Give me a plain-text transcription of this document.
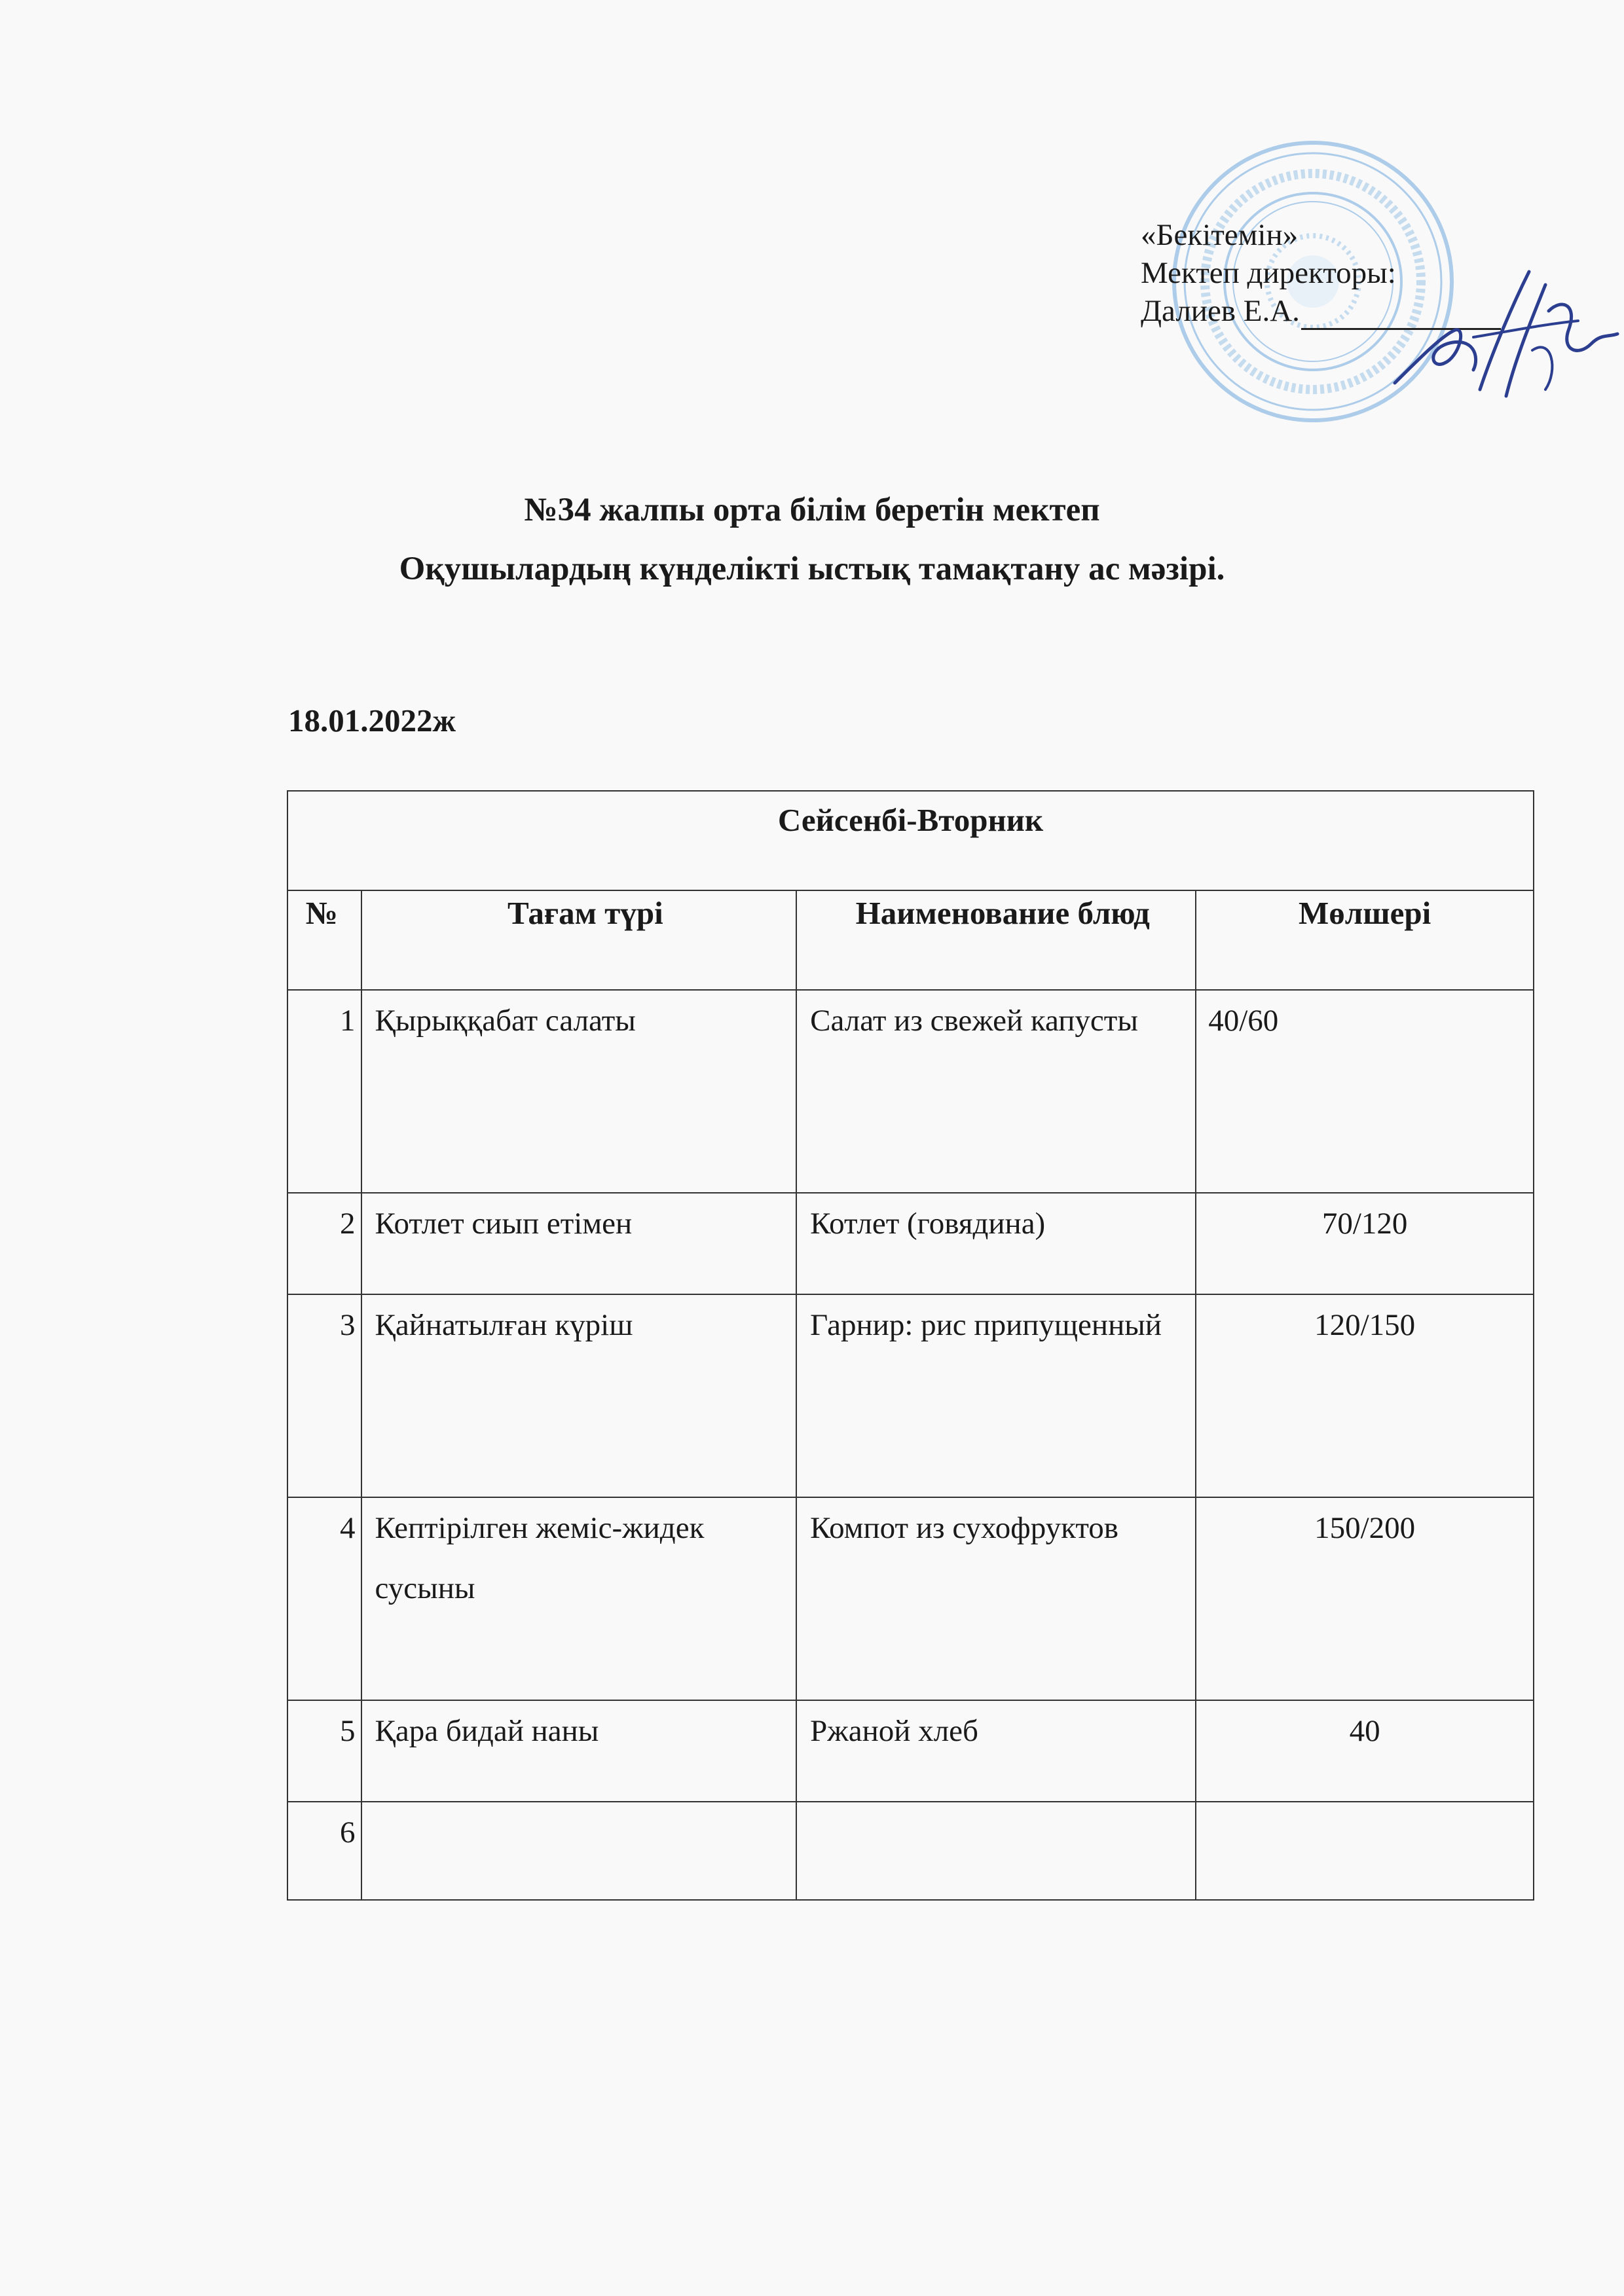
«Бекітемін»
Мектеп директоры:
Далиев Е.А.
№34 жалпы орта білім беретін мектеп
Оқушылардың күнделікті ыстық тамақтану ас мәзірі.
18.01.2022ж
Сейсенбі-Вторник			

№	Тағам түрі	Наименование блюд	Мөлшері

1	Қырыққабат салаты	Салат из свежей капусты	40/60
2	Котлет сиып етімен	Котлет (говядина)	70/120
3	Қайнатылған күріш	Гарнир: рис припущенный	120/150
4	Кептірілген жеміс-жидек сусыны	Компот из сухофруктов	150/200
5	Қара бидай наны	Ржаной хлеб	40
6			
